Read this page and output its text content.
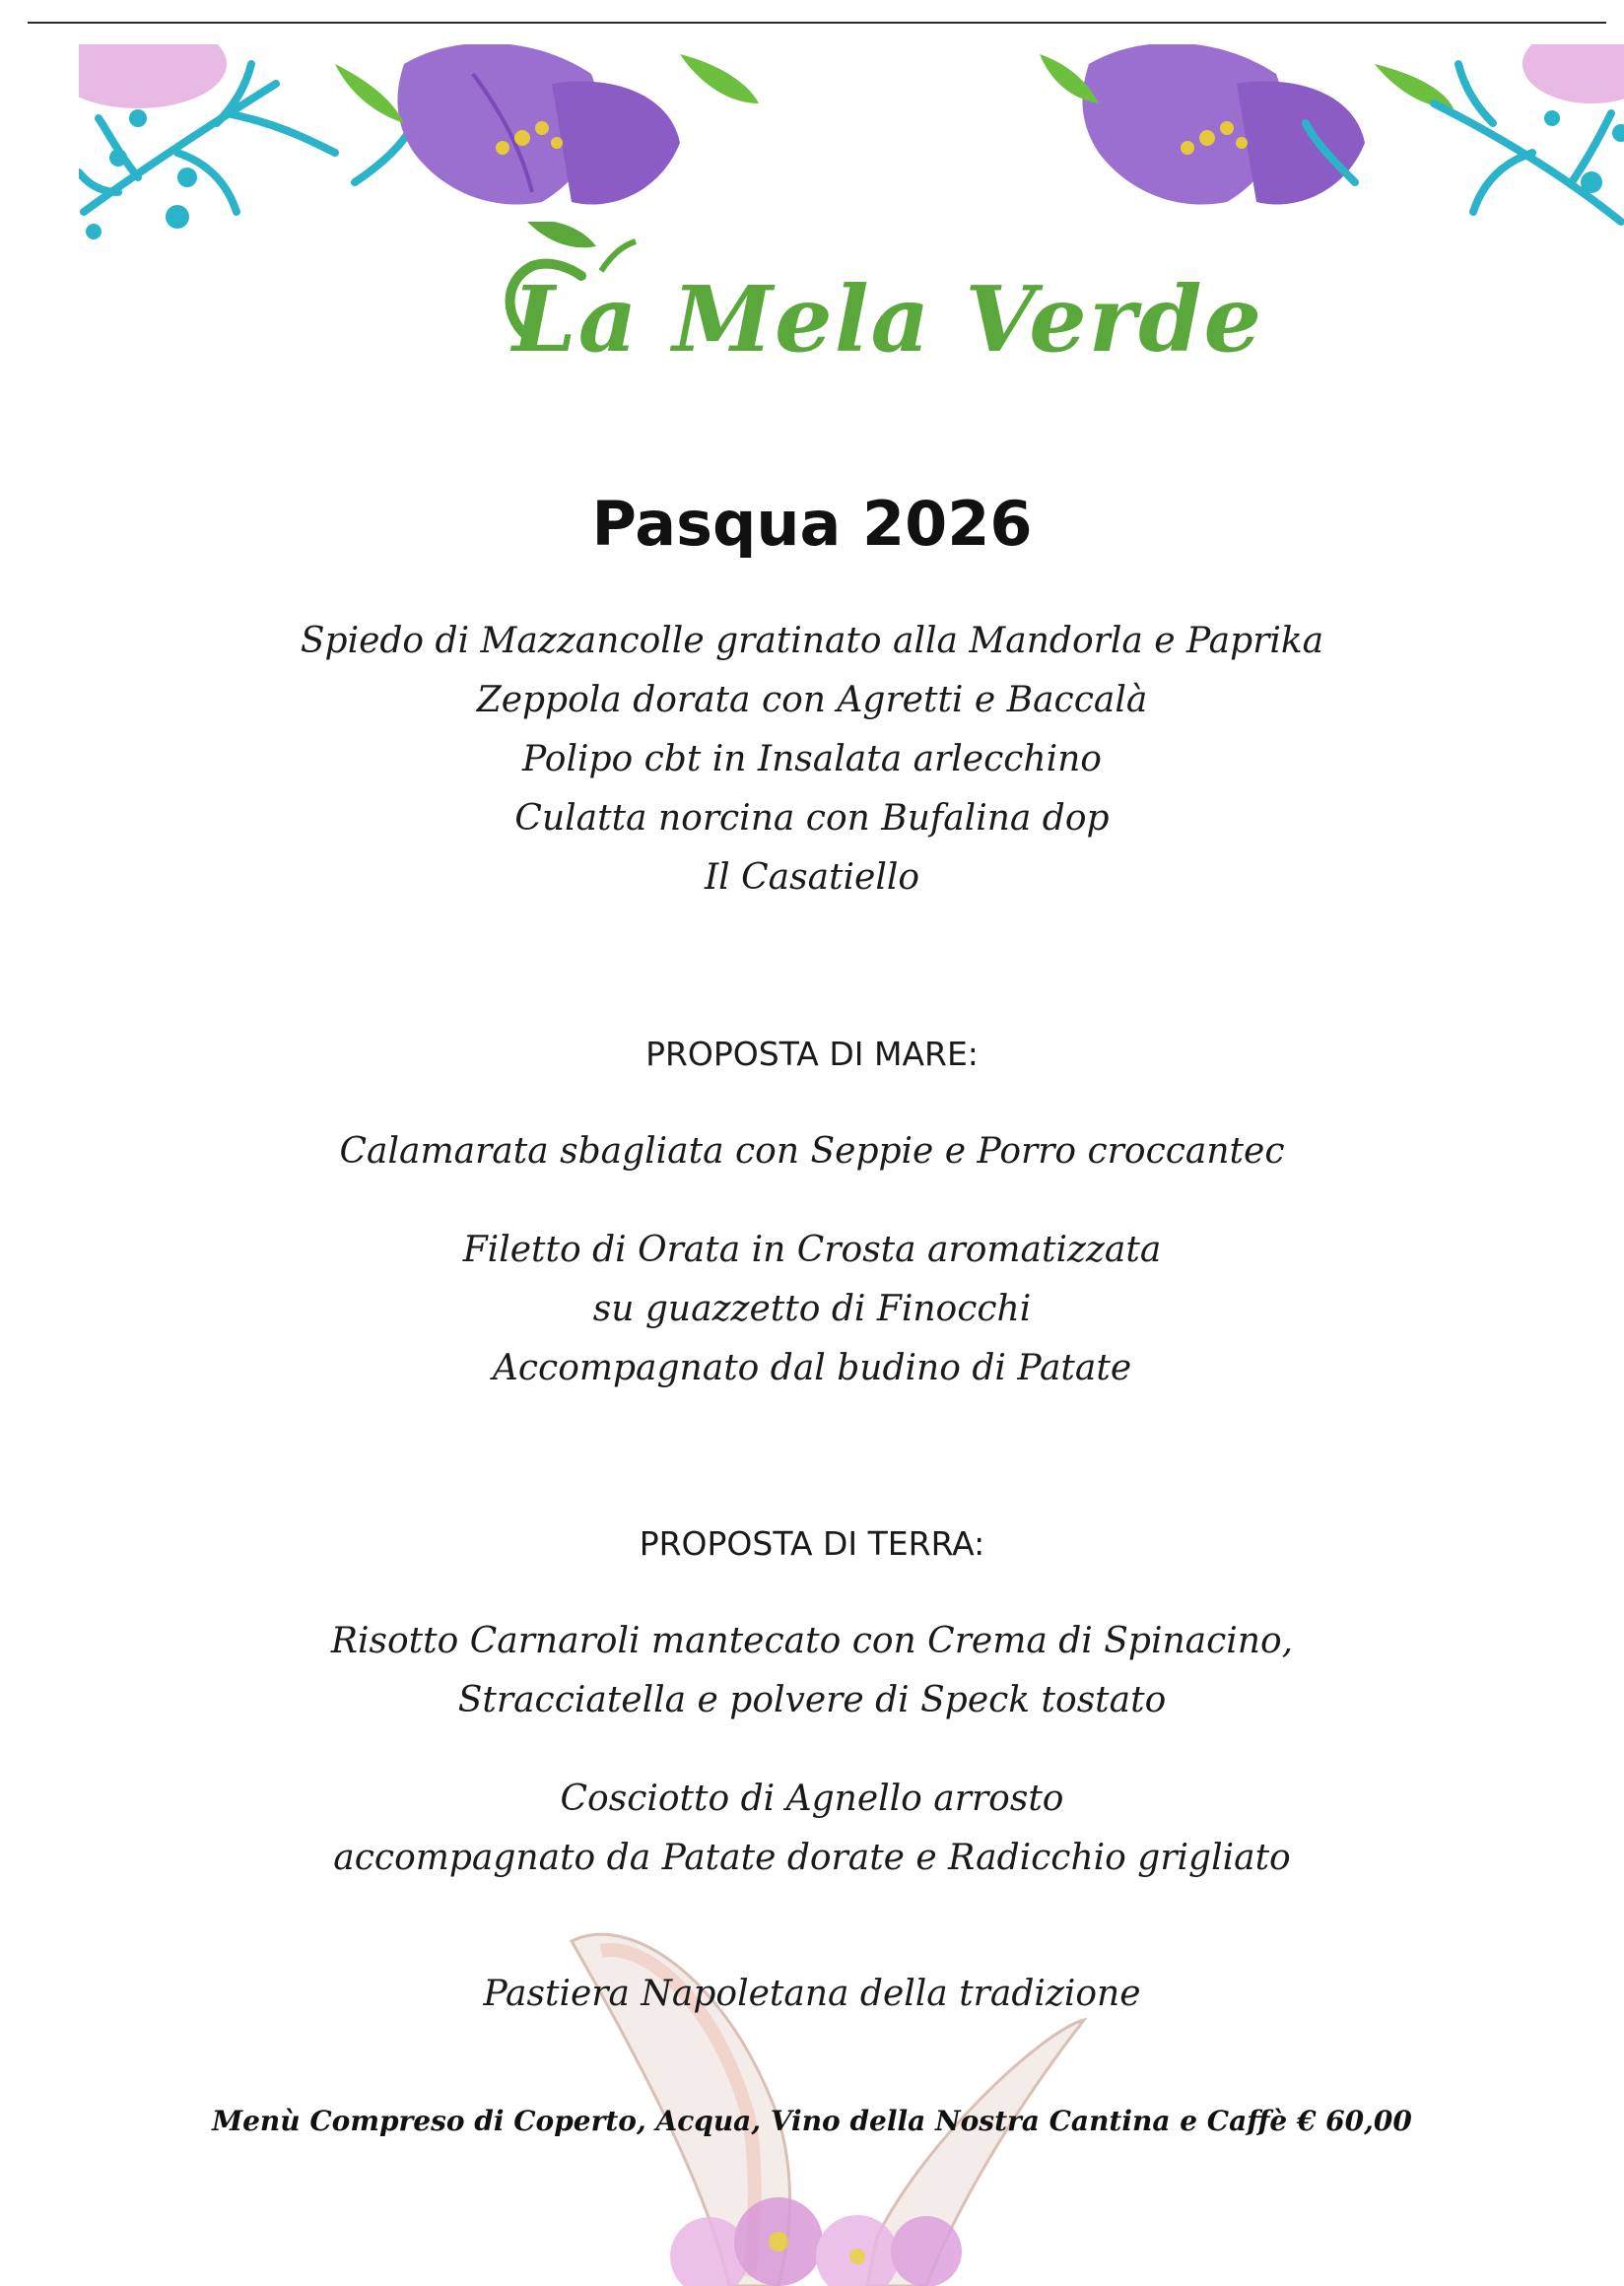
La Mela Verde
Pasqua 2026
Spiedo di Mazzancolle gratinato alla Mandorla e Paprika
Zeppola dorata con Agretti e Baccalà
Polipo cbt in Insalata arlecchino
Culatta norcina con Bufalina dop
Il Casatiello
PROPOSTA DI MARE:
Calamarata sbagliata con Seppie e Porro croccantec
Filetto di Orata in Crosta aromatizzata
su guazzetto di Finocchi
Accompagnato dal budino di Patate
PROPOSTA DI TERRA:
Risotto Carnaroli mantecato con Crema di Spinacino,
Stracciatella e polvere di Speck tostato
Cosciotto di Agnello arrosto
accompagnato da Patate dorate e Radicchio grigliato
Pastiera Napoletana della tradizione
Menù Compreso di Coperto, Acqua, Vino della Nostra Cantina e Caffè € 60,00
